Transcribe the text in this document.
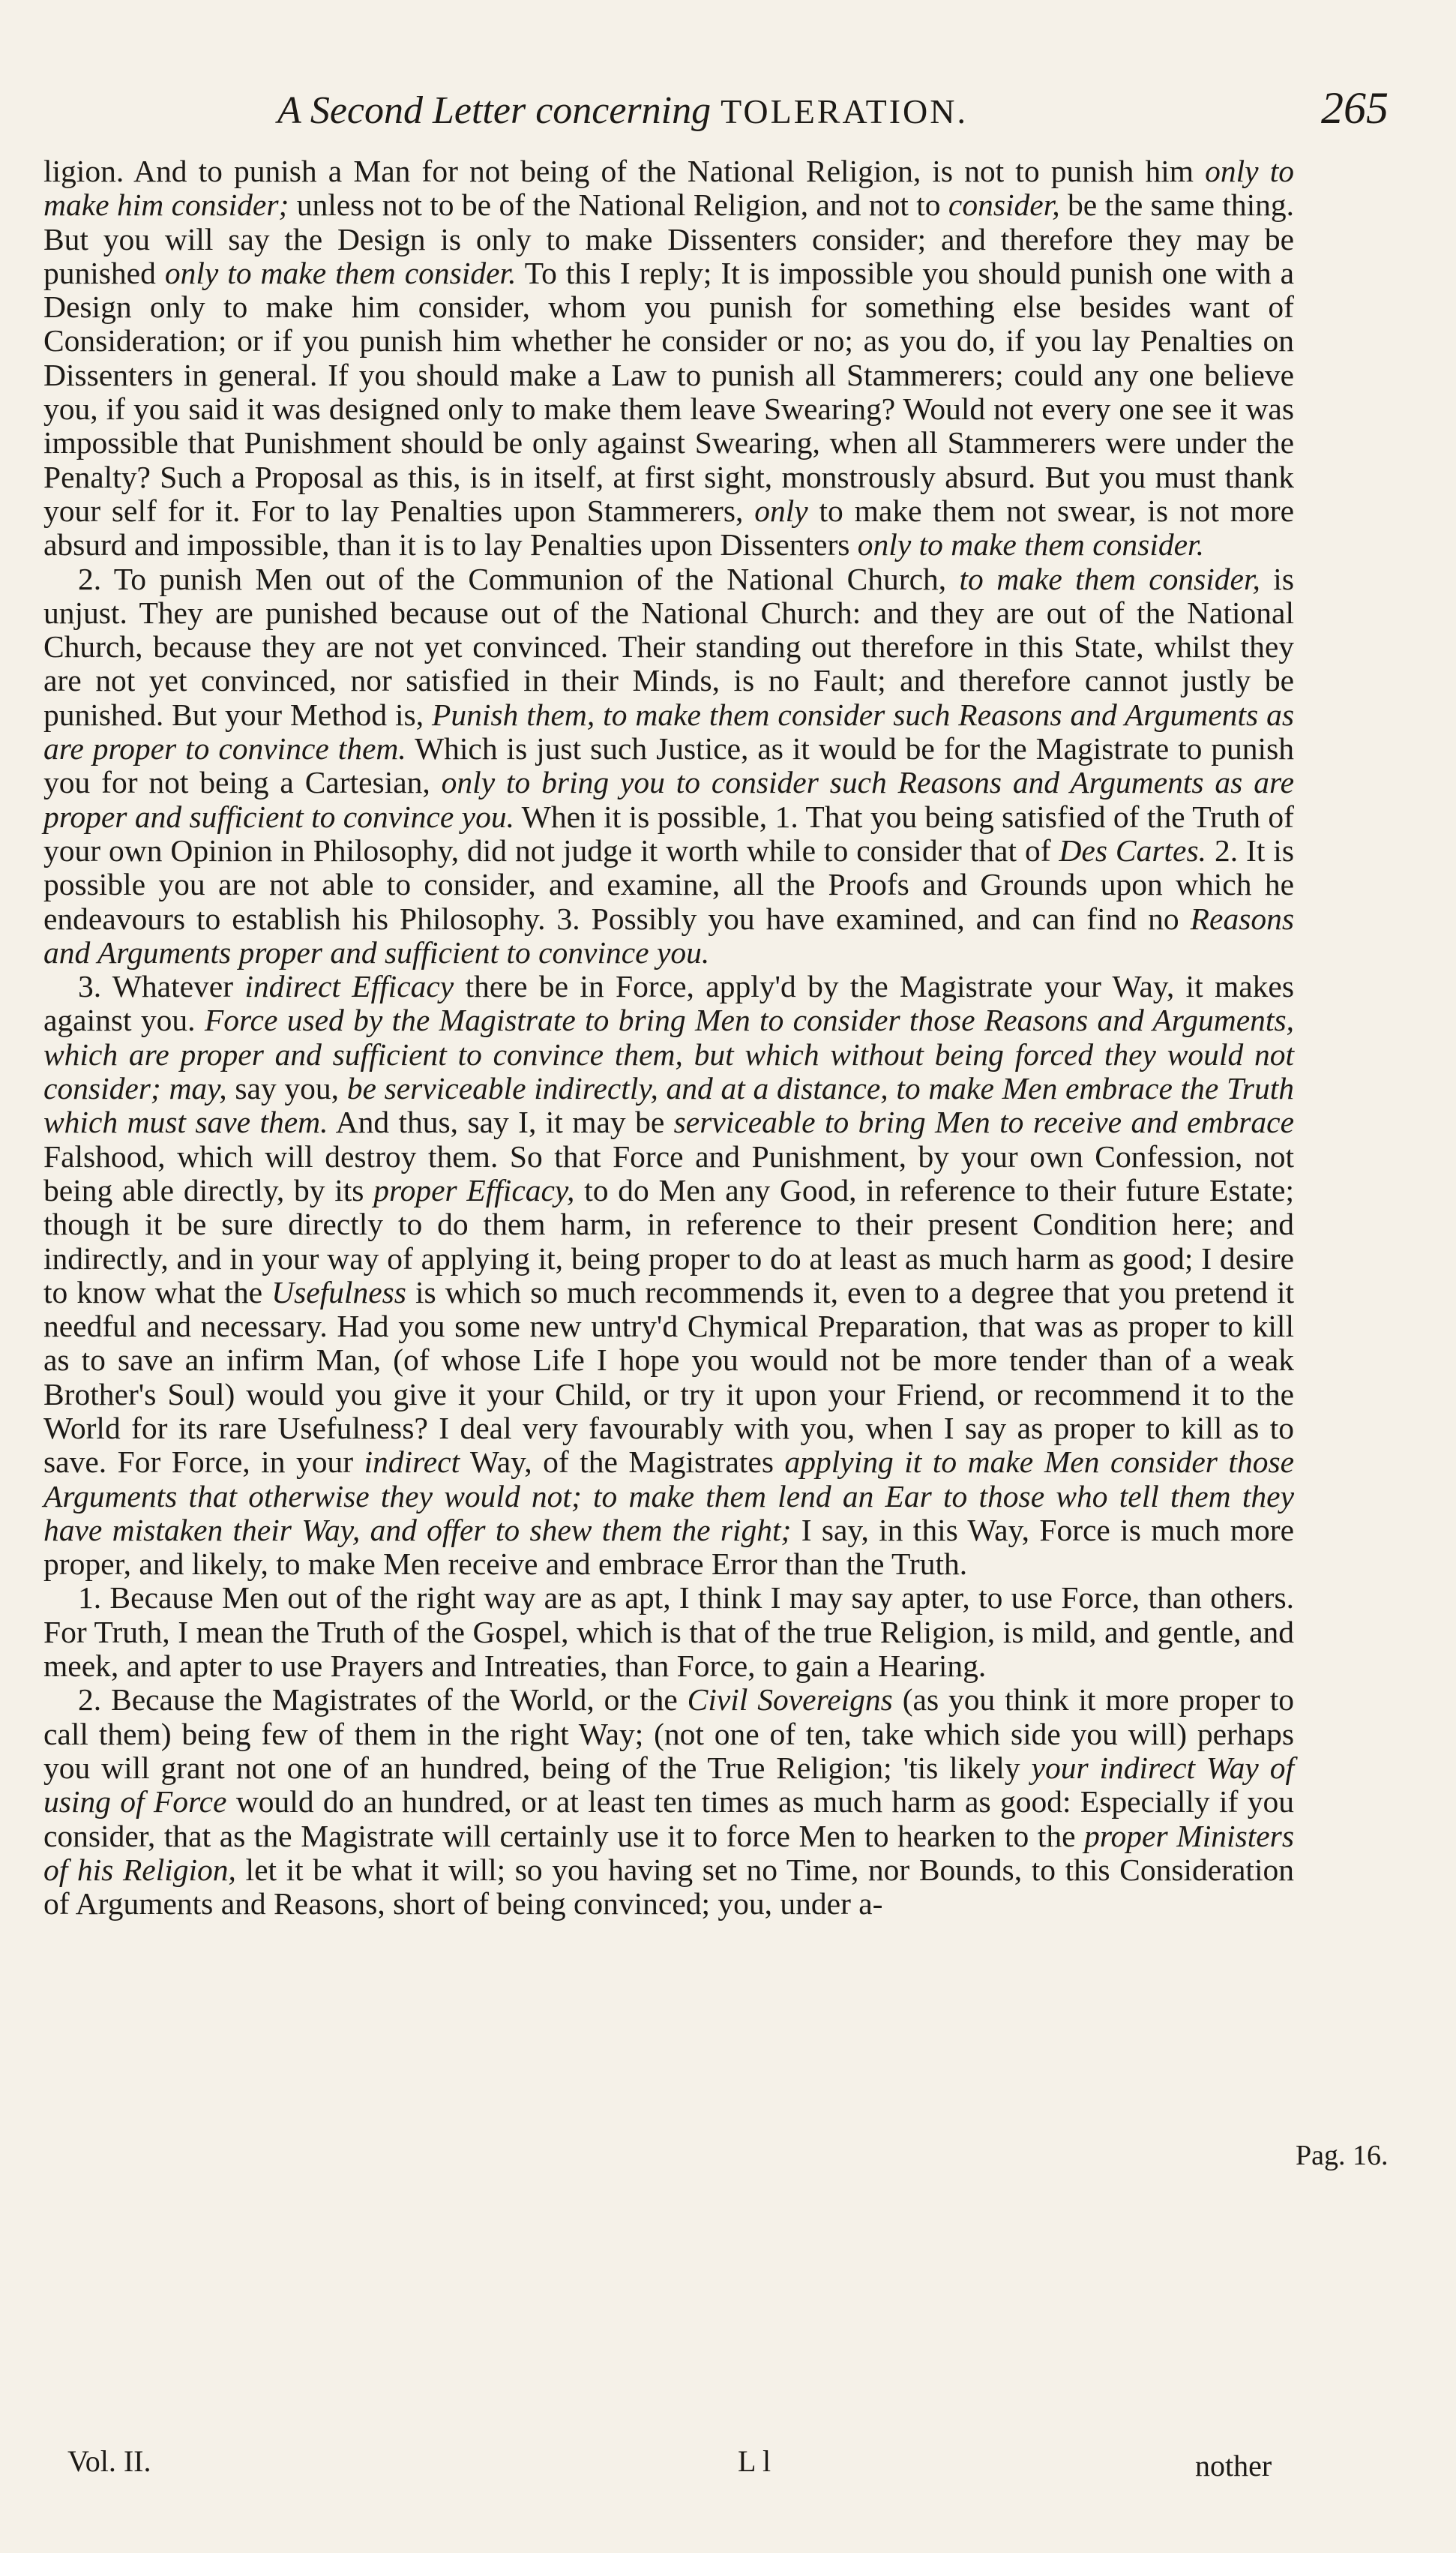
A Second Letter concerning TOLERATION.	265

ligion. And to punish a Man for not being of the National Religion, is not to punish him only to make him consider; unless not to be of the National Religion, and not to consider, be the same thing. But you will say the Design is only to make Dissenters consider; and therefore they may be punished only to make them consider. To this I reply; It is impossible you should punish one with a Design only to make him consider, whom you punish for something else besides want of Consideration; or if you punish him whether he consider or no; as you do, if you lay Penalties on Dissenters in general. If you should make a Law to punish all Stammerers; could any one believe you, if you said it was designed only to make them leave Swearing? Would not every one see it was impossible that Punishment should be only against Swearing, when all Stammerers were under the Penalty? Such a Proposal as this, is in itself, at first sight, monstrously absurd. But you must thank your self for it. For to lay Penalties upon Stammerers, only to make them not swear, is not more absurd and impossible, than it is to lay Penalties upon Dissenters only to make them consider.

2. To punish Men out of the Communion of the National Church, to make them consider, is unjust. They are punished because out of the National Church: and they are out of the National Church, because they are not yet convinced. Their standing out therefore in this State, whilst they are not yet convinced, nor satisfied in their Minds, is no Fault; and therefore cannot justly be punished. But your Method is, Punish them, to make them consider such Reasons and Arguments as are proper to convince them. Which is just such Justice, as it would be for the Magistrate to punish you for not being a Cartesian, only to bring you to consider such Reasons and Arguments as are proper and sufficient to convince you. When it is possible, 1. That you being satisfied of the Truth of your own Opinion in Philosophy, did not judge it worth while to consider that of Des Cartes. 2. It is possible you are not able to consider, and examine, all the Proofs and Grounds upon which he endeavours to establish his Philosophy. 3. Possibly you have examined, and can find no Reasons and Arguments proper and sufficient to convince you.

3. Whatever indirect Efficacy there be in Force, apply'd by the Magistrate your Way, it makes against you. Force used by the Magistrate to bring Men to consider those Reasons and Arguments, which are proper and sufficient to convince them, but which without being forced they would not consider; may, say you, be serviceable indirectly, and at a distance, to make Men embrace the Truth which must save them. And thus, say I, it may be serviceable to bring Men to receive and embrace Falshood, which will destroy them. So that Force and Punishment, by your own Confession, not being able directly, by its proper Efficacy, to do Men any Good, in reference to their future Estate; though it be sure directly to do them harm, in reference to their present Condition here; and indirectly, and in your way of applying it, being proper to do at least as much harm as good; I desire to know what the Usefulness is which so much recommends it, even to a degree that you pretend it needful and necessary. Had you some new untry'd Chymical Preparation, that was as proper to kill as to save an infirm Man, (of whose Life I hope you would not be more tender than of a weak Brother's Soul) would you give it your Child, or try it upon your Friend, or recommend it to the World for its rare Usefulness? I deal very favourably with you, when I say as proper to kill as to save. For Force, in your indirect Way, of the Magistrates applying it to make Men consider those Arguments that otherwise they would not; to make them lend an Ear to those who tell them they have mistaken their Way, and offer to shew them the right; I say, in this Way, Force is much more proper, and likely, to make Men receive and embrace Error than the Truth.

1. Because Men out of the right way are as apt, I think I may say apter, to use Force, than others. For Truth, I mean the Truth of the Gospel, which is that of the true Religion, is mild, and gentle, and meek, and apter to use Prayers and Intreaties, than Force, to gain a Hearing.

2. Because the Magistrates of the World, or the Civil Sovereigns (as you think it more proper to call them) being few of them in the right Way; (not one of ten, take which side you will) perhaps you will grant not one of an hundred, being of the True Religion; 'tis likely your indirect Way of using of Force would do an hundred, or at least ten times as much harm as good: Especially if you consider, that as the Magistrate will certainly use it to force Men to hearken to the proper Ministers of his Religion, let it be what it will; so you having set no Time, nor Bounds, to this Consideration of Arguments and Reasons, short of being convinced; you, under a-

Pag. 16.
Vol. II.	L l	nother
